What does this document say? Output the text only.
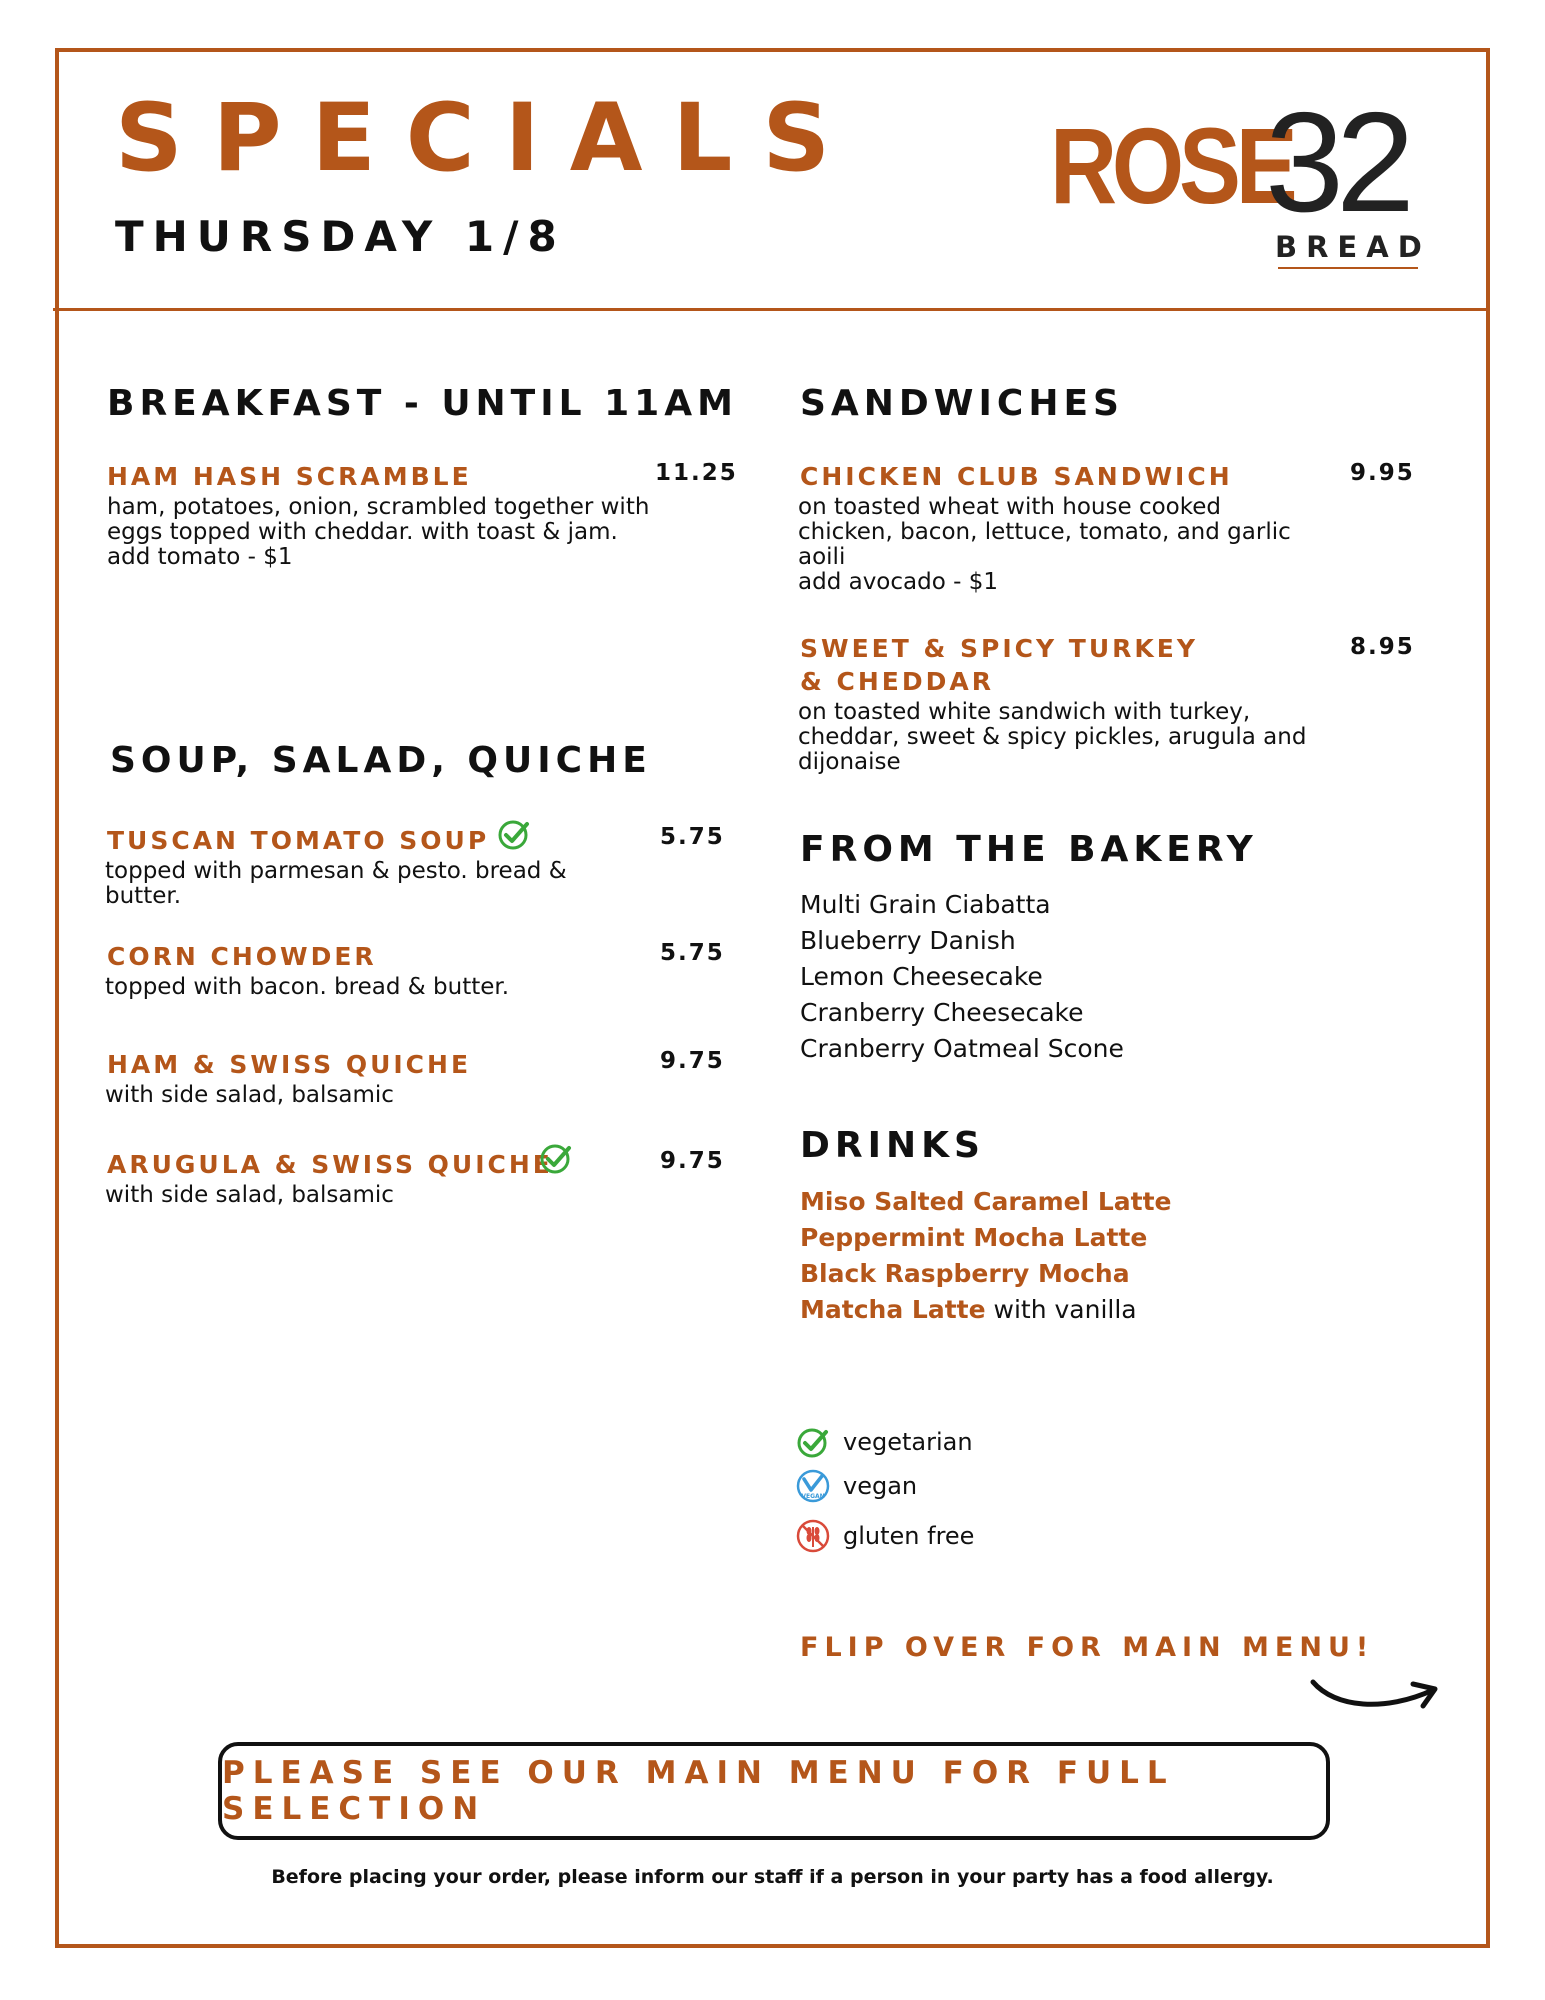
SPECIALS
THURSDAY 1/8
ROSE
32
BREAD
BREAKFAST - UNTIL 11AM
HAM HASH SCRAMBLE	11.25
ham, potatoes, onion, scrambled together with
eggs topped with cheddar. with toast & jam.
add tomato - $1
SOUP, SALAD, QUICHE
TUSCAN TOMATO SOUP	5.75
topped with parmesan & pesto. bread &
butter.
CORN CHOWDER	5.75
topped with bacon. bread & butter.
HAM & SWISS QUICHE	9.75
with side salad, balsamic
ARUGULA & SWISS QUICHE	9.75
with side salad, balsamic
SANDWICHES
CHICKEN CLUB SANDWICH	9.95
on toasted wheat with house cooked
chicken, bacon, lettuce, tomato, and garlic
aoili
add avocado - $1
SWEET & SPICY TURKEY
& CHEDDAR
8.95
on toasted white sandwich with turkey,
cheddar, sweet & spicy pickles, arugula and
dijonaise
FROM THE BAKERY
Multi Grain Ciabatta
Blueberry Danish
Lemon Cheesecake
Cranberry Cheesecake
Cranberry Oatmeal Scone
DRINKS
Miso Salted Caramel Latte
Peppermint Mocha Latte
Black Raspberry Mocha
Matcha Latte with vanilla
vegetarian
VEGAN vegan
gluten free
FLIP OVER FOR MAIN MENU!
PLEASE SEE OUR MAIN MENU FOR FULL SELECTION
Before placing your order, please inform our staff if a person in your party has a food allergy.
